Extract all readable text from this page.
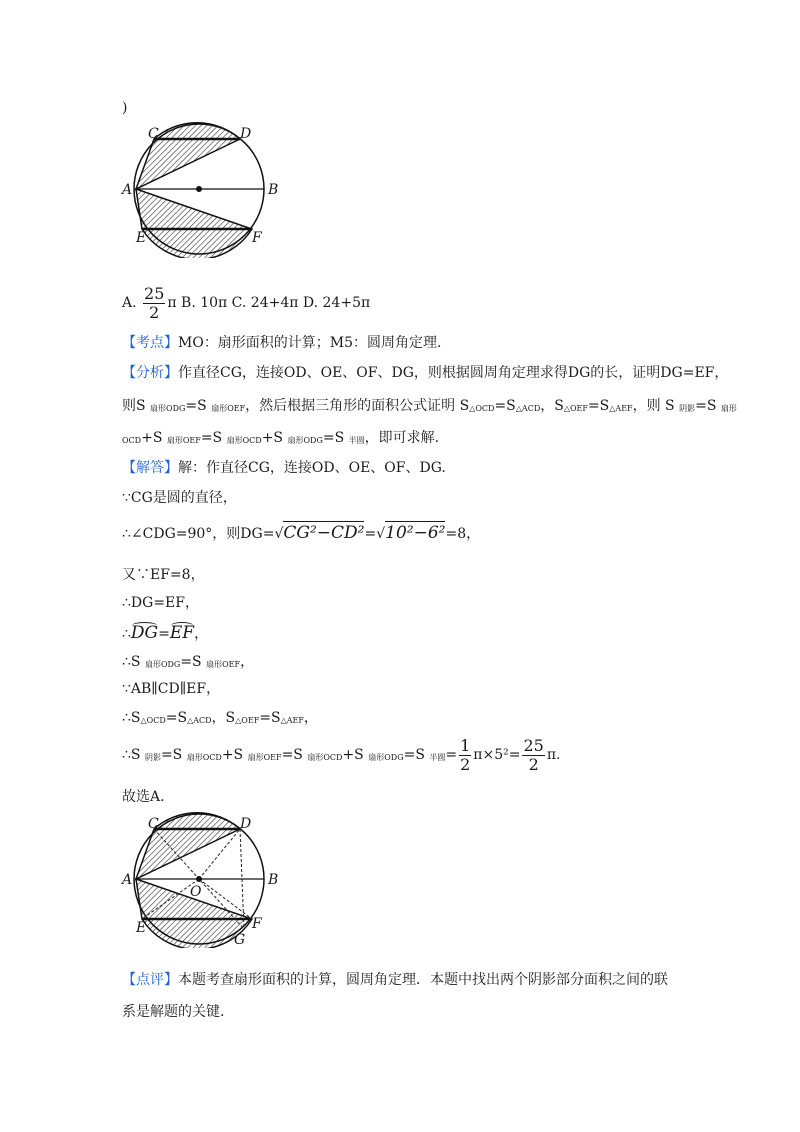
)
C	D
A	B
E	F
A. $\frac{25}{2}$ π B. 10π C. 24+4π D. 24+5π
【考点】MO：扇形面积的计算；M5：圆周角定理.
【分析】作直径CG，连接OD、OE、OF、DG，则根据圆周角定理求得DG的长，证明DG=EF，
则S 扇形ODG=S 扇形OEF，然后根据三角形的面积公式证明 S△OCD=S△ACD，S△OEF=S△AEF，则 S 阴影=S 扇形
OCD+S 扇形OEF=S 扇形OCD+S 扇形ODG=S 半圆，即可求解.
【解答】解：作直径CG，连接OD、OE、OF、DG.
∵CG是圆的直径，
∴∠CDG=90°，则DG=√CG²−CD²=√10²−6²=8，
又∵EF=8，
∴DG=EF，
∴DG=EF，
∴S 扇形ODG=S 扇形OEF，
∵AB∥CD∥EF，
∴S△OCD=S△ACD，S△OEF=S△AEF，
∴S 阴影=S 扇形OCD+S 扇形OEF=S 扇形OCD+S 扇形ODG=S 半圆= $\frac{1}{2} \pi\times 5^2= \frac{25}{2} \pi$.
故选A.
C	D
A
O
B
E	F
G
【点评】本题考查扇形面积的计算，圆周角定理．本题中找出两个阴影部分面积之间的联
系是解题的关键.
